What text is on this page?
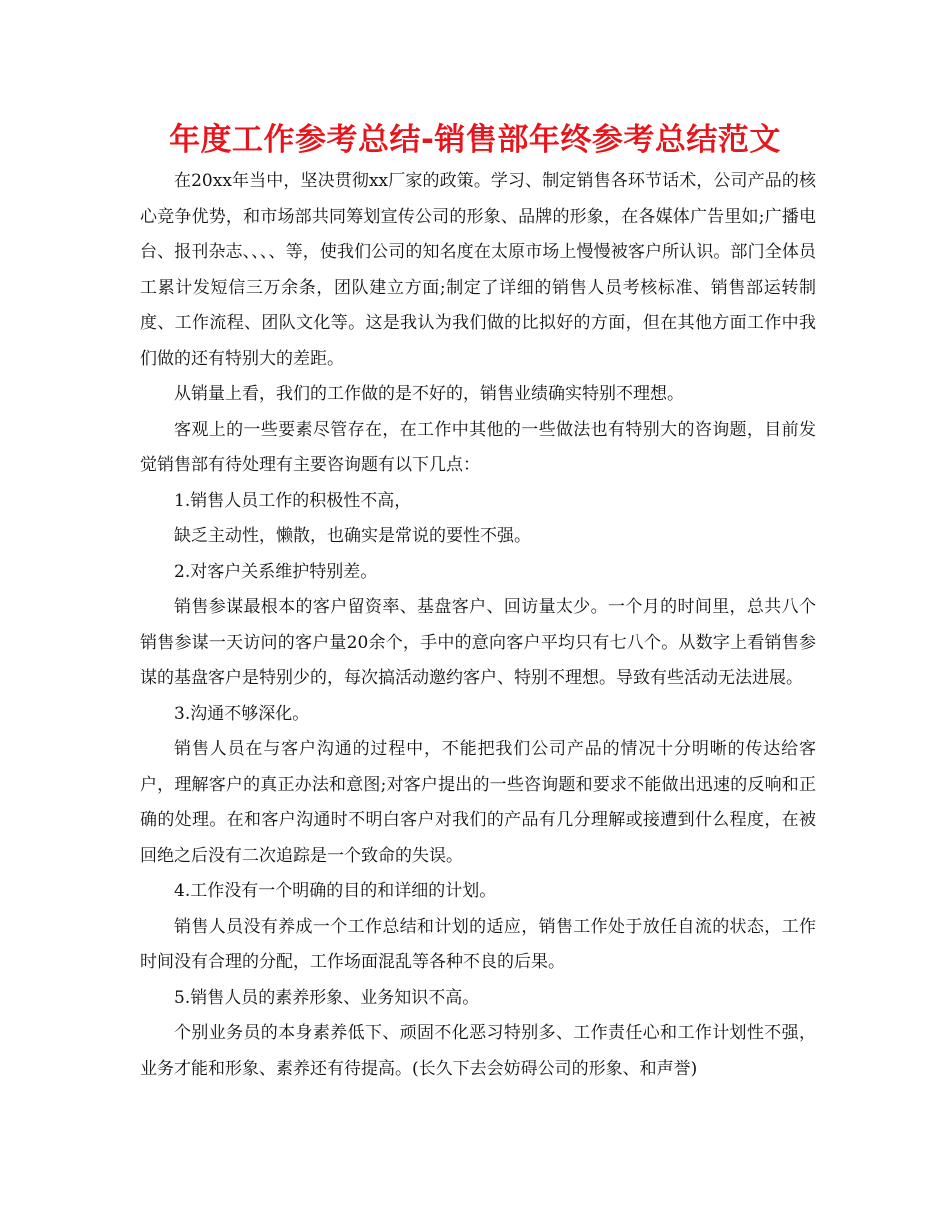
年度工作参考总结-销售部年终参考总结范文

在20xx年当中，坚决贯彻xx厂家的政策。学习、制定销售各环节话术，公司产品的核心竞争优势，和市场部共同筹划宣传公司的形象、品牌的形象，在各媒体广告里如;广播电台、报刊杂志、、、、等，使我们公司的知名度在太原市场上慢慢被客户所认识。部门全体员工累计发短信三万余条，团队建立方面;制定了详细的销售人员考核标准、销售部运转制度、工作流程、团队文化等。这是我认为我们做的比拟好的方面，但在其他方面工作中我们做的还有特别大的差距。

从销量上看，我们的工作做的是不好的，销售业绩确实特别不理想。

客观上的一些要素尽管存在，在工作中其他的一些做法也有特别大的咨询题，目前发觉销售部有待处理有主要咨询题有以下几点：

1.销售人员工作的积极性不高，

缺乏主动性，懒散，也确实是常说的要性不强。

2.对客户关系维护特别差。

销售参谋最根本的客户留资率、基盘客户、回访量太少。一个月的时间里，总共八个销售参谋一天访问的客户量20余个，手中的意向客户平均只有七八个。从数字上看销售参谋的基盘客户是特别少的，每次搞活动邀约客户、特别不理想。导致有些活动无法进展。

3.沟通不够深化。

销售人员在与客户沟通的过程中，不能把我们公司产品的情况十分明晰的传达给客户，理解客户的真正办法和意图;对客户提出的一些咨询题和要求不能做出迅速的反响和正确的处理。在和客户沟通时不明白客户对我们的产品有几分理解或接遭到什么程度，在被回绝之后没有二次追踪是一个致命的失误。

4.工作没有一个明确的目的和详细的计划。

销售人员没有养成一个工作总结和计划的适应，销售工作处于放任自流的状态，工作时间没有合理的分配，工作场面混乱等各种不良的后果。

5.销售人员的素养形象、业务知识不高。

个别业务员的本身素养低下、顽固不化恶习特别多、工作责任心和工作计划性不强，业务才能和形象、素养还有待提高。(长久下去会妨碍公司的形象、和声誉)
